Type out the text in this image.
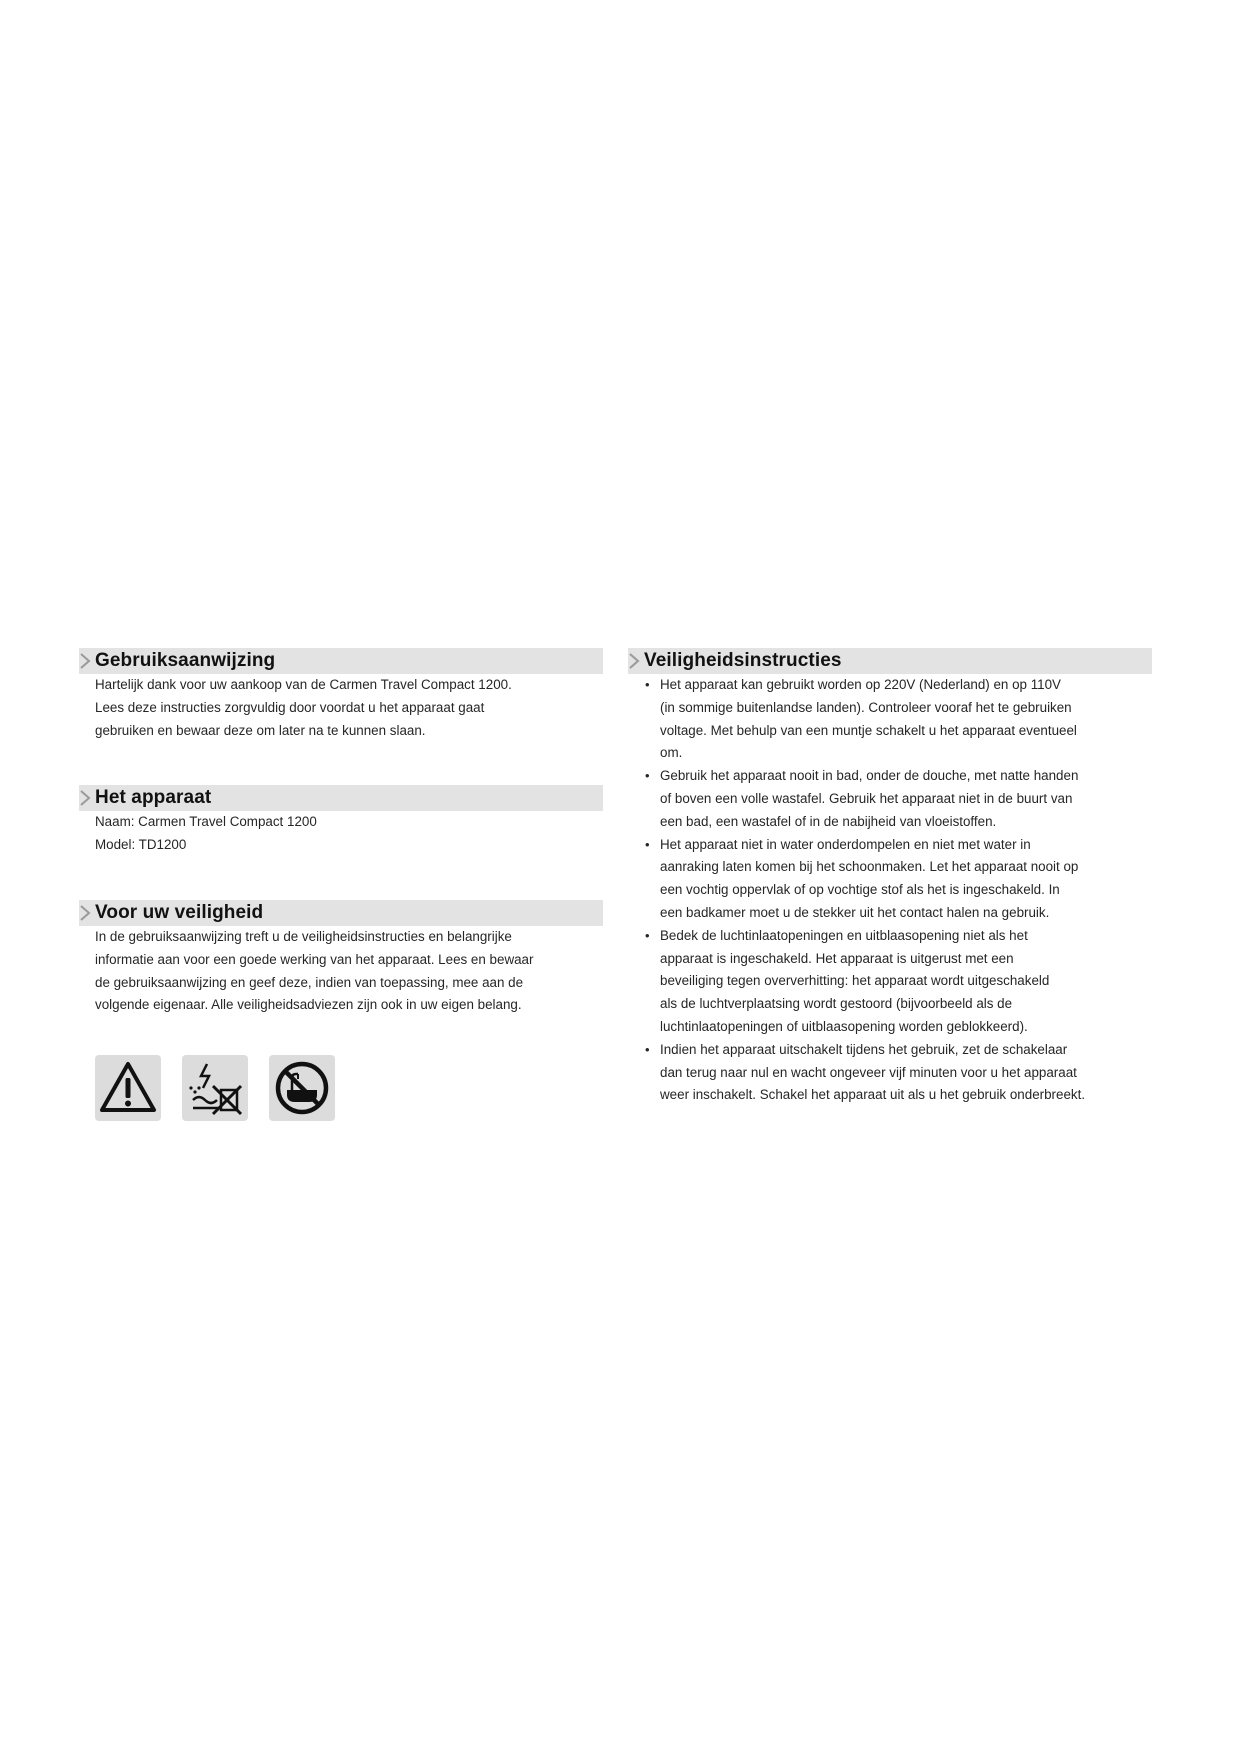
Gebruiksaanwijzing

Hartelijk dank voor uw aankoop van de Carmen Travel Compact 1200.
Lees deze instructies zorgvuldig door voordat u het apparaat gaat
gebruiken en bewaar deze om later na te kunnen slaan.

Het apparaat

Naam: Carmen Travel Compact 1200
Model: TD1200

Voor uw veiligheid

In de gebruiksaanwijzing treft u de veiligheidsinstructies en belangrijke
informatie aan voor een goede werking van het apparaat. Lees en bewaar
de gebruiksaanwijzing en geef deze, indien van toepassing, mee aan de
volgende eigenaar. Alle veiligheidsadviezen zijn ook in uw eigen belang.

Veiligheidsinstructies
• Het apparaat kan gebruikt worden op 220V (Nederland) en op 110V
(in sommige buitenlandse landen). Controleer vooraf het te gebruiken
voltage. Met behulp van een muntje schakelt u het apparaat eventueel
om.
• Gebruik het apparaat nooit in bad, onder de douche, met natte handen
of boven een volle wastafel. Gebruik het apparaat niet in de buurt van
een bad, een wastafel of in de nabijheid van vloeistoffen.
• Het apparaat niet in water onderdompelen en niet met water in
aanraking laten komen bij het schoonmaken. Let het apparaat nooit op
een vochtig oppervlak of op vochtige stof als het is ingeschakeld. In
een badkamer moet u de stekker uit het contact halen na gebruik.
• Bedek de luchtinlaatopeningen en uitblaasopening niet als het
apparaat is ingeschakeld. Het apparaat is uitgerust met een
beveiliging tegen oververhitting: het apparaat wordt uitgeschakeld
als de luchtverplaatsing wordt gestoord (bijvoorbeeld als de
luchtinlaatopeningen of uitblaasopening worden geblokkeerd).
• Indien het apparaat uitschakelt tijdens het gebruik, zet de schakelaar
dan terug naar nul en wacht ongeveer vijf minuten voor u het apparaat
weer inschakelt. Schakel het apparaat uit als u het gebruik onderbreekt.
